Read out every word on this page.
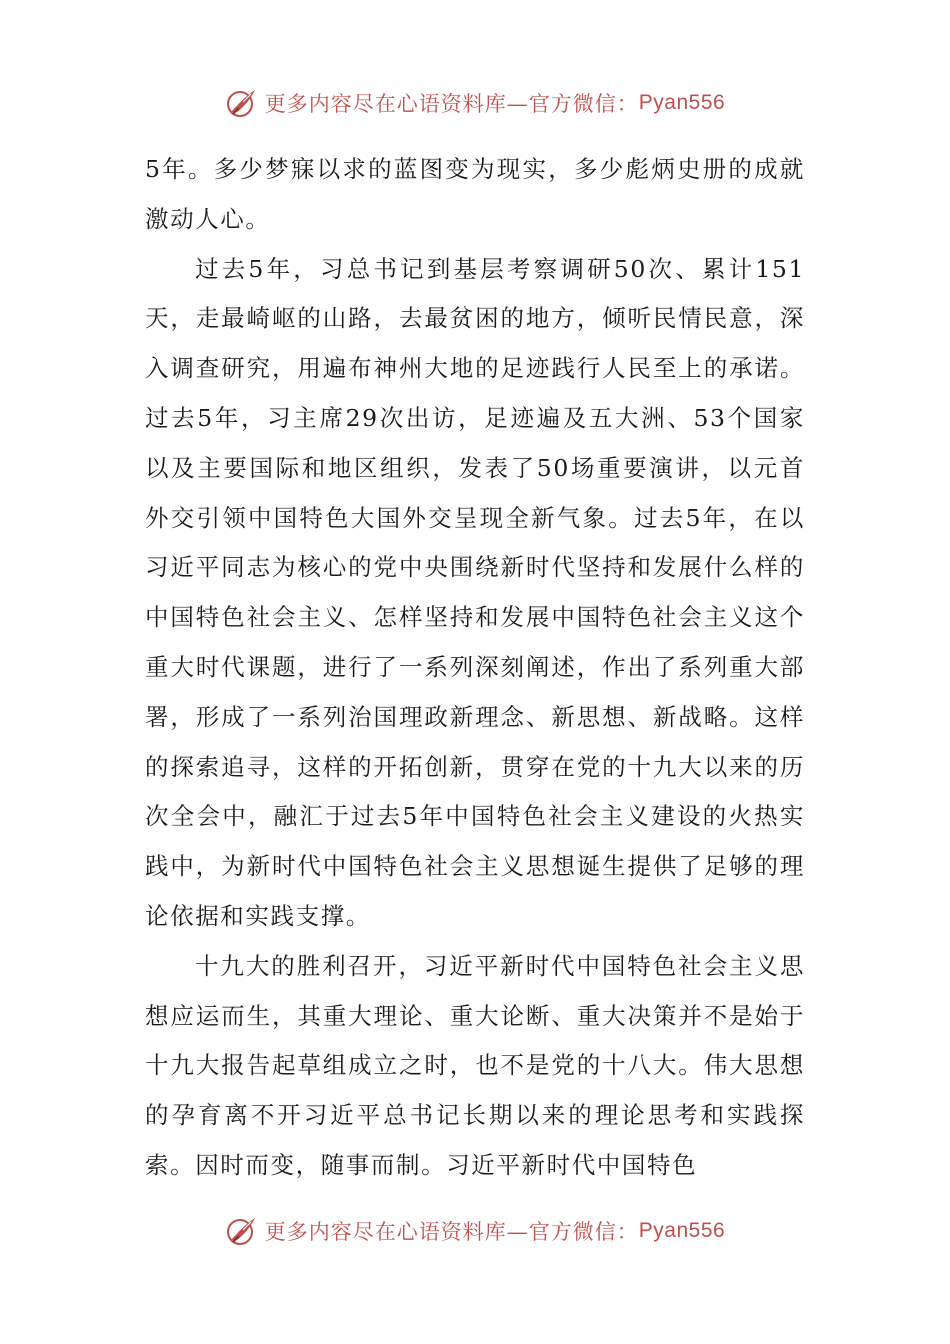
更多内容尽在心语资料库—官方微信： Pyan556

5年。多少梦寐以求的蓝图变为现实，多少彪炳史册的成就激动人心。

过去5年，习总书记到基层考察调研50次、累计151天，走最崎岖的山路，去最贫困的地方，倾听民情民意，深入调查研究，用遍布神州大地的足迹践行人民至上的承诺。过去5年，习主席29次出访，足迹遍及五大洲、53个国家以及主要国际和地区组织，发表了50场重要演讲，以元首外交引领中国特色大国外交呈现全新气象。过去5年，在以习近平同志为核心的党中央围绕新时代坚持和发展什么样的中国特色社会主义、怎样坚持和发展中国特色社会主义这个重大时代课题，进行了一系列深刻阐述，作出了系列重大部署，形成了一系列治国理政新理念、新思想、新战略。这样的探索追寻，这样的开拓创新，贯穿在党的十九大以来的历次全会中，融汇于过去5年中国特色社会主义建设的火热实践中，为新时代中国特色社会主义思想诞生提供了足够的理论依据和实践支撑。

十九大的胜利召开，习近平新时代中国特色社会主义思想应运而生，其重大理论、重大论断、重大决策并不是始于十九大报告起草组成立之时，也不是党的十八大。伟大思想的孕育离不开习近平总书记长期以来的理论思考和实践探索。因时而变，随事而制。习近平新时代中国特色

更多内容尽在心语资料库—官方微信： Pyan556
